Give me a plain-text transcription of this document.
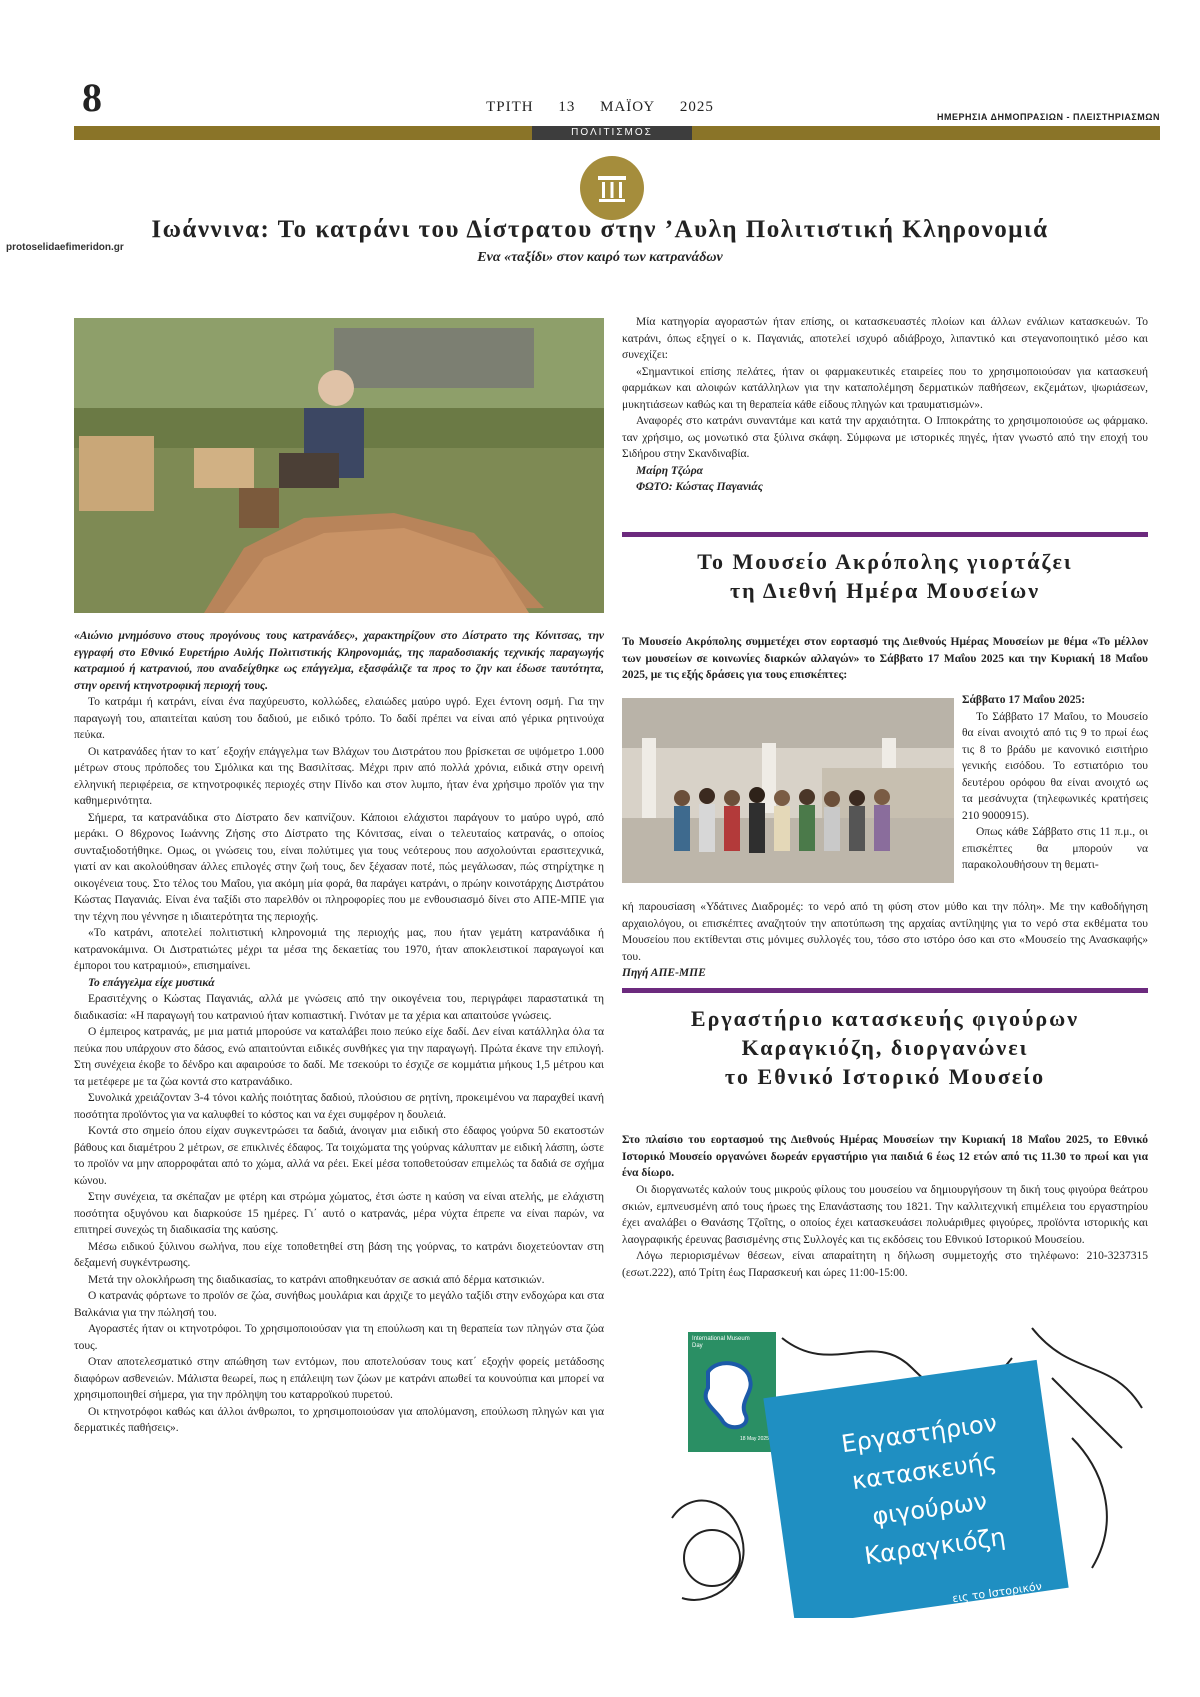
8	ΤΡΙΤΗ 13 ΜΑΪΟΥ 2025
ΗΜΕΡΗΣΙΑ ΔΗΜΟΠΡΑΣΙΩΝ - ΠΛΕΙΣΤΗΡΙΑΣΜΩΝ
ΠΟΛΙΤΙΣΜΟΣ
protoselidaefimeridon.gr
Ιωάννινα: Το κατράνι του Δίστρατου στην ’Αυλη Πολιτιστική Κληρονομιά
Ενα «ταξίδι» στον καιρό των κατρανάδων

«Αιώνιο μνημόσυνο στους προγόνους τους κατρανάδες», χαρακτηρίζουν στο Δίστρατο της Κόνιτσας, την εγγραφή στο Εθνικό Ευρετήριο Αυλής Πολιτιστικής Κληρονομιάς, της παραδοσιακής τεχνικής παραγωγής κατραμιού ή κατρανιού, που αναδείχθηκε ως επάγγελμα, εξασφάλιζε τα προς το ζην και έδωσε ταυτότητα, στην ορεινή κτηνοτροφική περιοχή τους.

Το κατράμι ή κατράνι, είναι ένα παχύρευστο, κολλώδες, ελαιώδες μαύρο υγρό. Εχει έντονη οσμή. Για την παραγωγή του, απαιτείται καύση του δαδιού, με ειδικό τρόπο. Το δαδί πρέπει να είναι από γέρικα ρητινούχα πεύκα.

Οι κατρανάδες ήταν το κατ΄ εξοχήν επάγγελμα των Βλάχων του Διστράτου που βρίσκεται σε υψόμετρο 1.000 μέτρων στους πρόποδες του Σμόλικα και της Βασιλίτσας. Μέχρι πριν από πολλά χρόνια, ειδικά στην ορεινή ελληνική περιφέρεια, σε κτηνοτροφικές περιοχές στην Πίνδο και στον λυμπο, ήταν ένα χρήσιμο προϊόν για την καθημερινότητα.

Σήμερα, τα κατρανάδικα στο Δίστρατο δεν καπνίζουν. Κάποιοι ελάχιστοι παράγουν το μαύρο υγρό, από μεράκι. Ο 86χρονος Ιωάννης Ζήσης στο Δίστρατο της Κόνιτσας, είναι ο τελευταίος κατρανάς, ο οποίος συνταξιοδοτήθηκε. Ομως, οι γνώσεις του, είναι πολύτιμες για τους νεότερους που ασχολούνται ερασιτεχνικά, γιατί αν και ακολούθησαν άλλες επιλογές στην ζωή τους, δεν ξέχασαν ποτέ, πώς μεγάλωσαν, πώς στηρίχτηκε η οικογένεια τους. Στο τέλος του Μαΐου, για ακόμη μία φορά, θα παράγει κατράνι, ο πρώην κοινοτάρχης Διστράτου Κώστας Παγανιάς. Είναι ένα ταξίδι στο παρελθόν οι πληροφορίες που με ενθουσιασμό δίνει στο ΑΠΕ-ΜΠΕ για την τέχνη που γέννησε η ιδιαιτερότητα της περιοχής.

«Το κατράνι, αποτελεί πολιτιστική κληρονομιά της περιοχής μας, που ήταν γεμάτη κατρανάδικα ή κατρανοκάμινα. Οι Διστρατιώτες μέχρι τα μέσα της δεκαετίας του 1970, ήταν αποκλειστικοί παραγωγοί και έμποροι του κατραμιού», επισημαίνει.

Το επάγγελμα είχε μυστικά

Ερασιτέχνης ο Κώστας Παγανιάς, αλλά με γνώσεις από την οικογένεια του, περιγράφει παραστατικά τη διαδικασία: «Η παραγωγή του κατρανιού ήταν κοπιαστική. Γινόταν με τα χέρια και απαιτούσε γνώσεις.

Ο έμπειρος κατρανάς, με μια ματιά μπορούσε να καταλάβει ποιο πεύκο είχε δαδί. Δεν είναι κατάλληλα όλα τα πεύκα που υπάρχουν στο δάσος, ενώ απαιτούνται ειδικές συνθήκες για την παραγωγή. Πρώτα έκανε την επιλογή. Στη συνέχεια έκοβε το δένδρο και αφαιρούσε το δαδί. Με τσεκούρι το έσχιζε σε κομμάτια μήκους 1,5 μέτρου και τα μετέφερε με τα ζώα κοντά στο κατρανάδικο.

Συνολικά χρειάζονταν 3-4 τόνοι καλής ποιότητας δαδιού, πλούσιου σε ρητίνη, προκειμένου να παραχθεί ικανή ποσότητα προϊόντος για να καλυφθεί το κόστος και να έχει συμφέρον η δουλειά.

Κοντά στο σημείο όπου είχαν συγκεντρώσει τα δαδιά, άνοιγαν μια ειδική στο έδαφος γούρνα 50 εκατοστών βάθους και διαμέτρου 2 μέτρων, σε επικλινές έδαφος. Τα τοιχώματα της γούρνας κάλυπταν με ειδική λάσπη, ώστε το προϊόν να μην απορροφάται από το χώμα, αλλά να ρέει. Εκεί μέσα τοποθετούσαν επιμελώς τα δαδιά σε σχήμα κώνου.

Στην συνέχεια, τα σκέπαζαν με φτέρη και στρώμα χώματος, έτσι ώστε η καύση να είναι ατελής, με ελάχιστη ποσότητα οξυγόνου και διαρκούσε 15 ημέρες. Γι΄ αυτό ο κατρανάς, μέρα νύχτα έπρεπε να είναι παρών, να επιτηρεί συνεχώς τη διαδικασία της καύσης.

Μέσω ειδικού ξύλινου σωλήνα, που είχε τοποθετηθεί στη βάση της γούρνας, το κατράνι διοχετεύονταν στη δεξαμενή συγκέντρωσης.

Μετά την ολοκλήρωση της διαδικασίας, το κατράνι αποθηκευόταν σε ασκιά από δέρμα κατσικιών.

Ο κατρανάς φόρτωνε το προϊόν σε ζώα, συνήθως μουλάρια και άρχιζε το μεγάλο ταξίδι στην ενδοχώρα και στα Βαλκάνια για την πώλησή του.

Αγοραστές ήταν οι κτηνοτρόφοι. Το χρησιμοποιούσαν για τη επούλωση και τη θεραπεία των πληγών στα ζώα τους.

Οταν αποτελεσματικό στην απώθηση των εντόμων, που αποτελούσαν τους κατ΄ εξοχήν φορείς μετάδοσης διαφόρων ασθενειών. Μάλιστα θεωρεί, πως η επάλειψη των ζώων με κατράνι απωθεί τα κουνούπια και μπορεί να χρησιμοποιηθεί σήμερα, για την πρόληψη του καταρροϊκού πυρετού.

Οι κτηνοτρόφοι καθώς και άλλοι άνθρωποι, το χρησιμοποιούσαν για απολύμανση, επούλωση πληγών και για δερματικές παθήσεις».

Μία κατηγορία αγοραστών ήταν επίσης, οι κατασκευαστές πλοίων και άλλων ενάλιων κατασκευών. Το κατράνι, όπως εξηγεί ο κ. Παγανιάς, αποτελεί ισχυρό αδιάβροχο, λιπαντικό και στεγανοποιητικό μέσο και συνεχίζει:

«Σημαντικοί επίσης πελάτες, ήταν οι φαρμακευτικές εταιρείες που το χρησιμοποιούσαν για κατασκευή φαρμάκων και αλοιφών κατάλληλων για την καταπολέμηση δερματικών παθήσεων, εκζεμάτων, ψωριάσεων, μυκητιάσεων καθώς και τη θεραπεία κάθε είδους πληγών και τραυματισμών».

Αναφορές στο κατράνι συναντάμε και κατά την αρχαιότητα. Ο Ιπποκράτης το χρησιμοποιούσε ως φάρμακο. ταν χρήσιμο, ως μονωτικό στα ξύλινα σκάφη. Σύμφωνα με ιστορικές πηγές, ήταν γνωστό από την εποχή του Σιδήρου στην Σκανδιναβία.

Μαίρη Τζώρα

ΦΩΤΟ: Κώστας Παγανιάς

Το Μουσείο Ακρόπολης γιορτάζει
τη Διεθνή Ημέρα Μουσείων
Το Μουσείο Ακρόπολης συμμετέχει στον εορτασμό της Διεθνούς Ημέρας Μουσείων με θέμα «Το μέλλον των μουσείων σε κοινωνίες διαρκών αλλαγών» το Σάββατο 17 Μαΐου 2025 και την Κυριακή 18 Μαΐου 2025, με τις εξής δράσεις για τους επισκέπτες:
Σάββατο 17 Μαΐου 2025:

Το Σάββατο 17 Μαΐου, το Μουσείο θα είναι ανοιχτό από τις 9 το πρωί έως τις 8 το βράδυ με κανονικό εισιτήριο γενικής εισόδου. Το εστιατόριο του δευτέρου ορόφου θα είναι ανοιχτό ως τα μεσάνυχτα (τηλεφωνικές κρατήσεις 210 9000915).

Οπως κάθε Σάββατο στις 11 π.μ., οι επισκέπτες θα μπορούν να παρακολουθήσουν τη θεματι-

κή παρουσίαση «Υδάτινες Διαδρομές: το νερό από τη φύση στον μύθο και την πόλη». Με την καθοδήγηση αρχαιολόγου, οι επισκέπτες αναζητούν την αποτύπωση της αρχαίας αντίληψης για το νερό στα εκθέματα του Μουσείου που εκτίθενται στις μόνιμες συλλογές του, τόσο στο ιστόρο όσο και στο «Μουσείο της Ανασκαφής» του.

Πηγή ΑΠΕ-ΜΠΕ

Εργαστήριο κατασκευής φιγούρων
Καραγκιόζη, διοργανώνει
το Εθνικό Ιστορικό Μουσείο
Στο πλαίσιο του εορτασμού της Διεθνούς Ημέρας Μουσείων την Κυριακή 18 Μαΐου 2025, το Εθνικό Ιστορικό Μουσείο οργανώνει δωρεάν εργαστήριο για παιδιά 6 έως 12 ετών από τις 11.30 το πρωί και για ένα δίωρο.

Οι διοργανωτές καλούν τους μικρούς φίλους του μουσείου να δημιουργήσουν τη δική τους φιγούρα θεάτρου σκιών, εμπνευσμένη από τους ήρωες της Επανάστασης του 1821. Την καλλιτεχνική επιμέλεια του εργαστηρίου έχει αναλάβει ο Θανάσης Τζοΐτης, ο οποίος έχει κατασκευάσει πολυάριθμες φιγούρες, προϊόντα ιστορικής και λαογραφικής έρευνας βασισμένης στις Συλλογές και τις εκδόσεις του Εθνικού Ιστορικού Μουσείου.

Λόγω περιορισμένων θέσεων, είναι απαραίτητη η δήλωση συμμετοχής στο τηλέφωνο: 210-3237315 (εσωτ.222), από Τρίτη έως Παρασκευή και ώρες 11:00-15:00.

International Museum Day
18 May 2025	Εργαστήριον
κατασκευής
φιγούρων
Καραγκιόζη
εις το Ιστορικόν
